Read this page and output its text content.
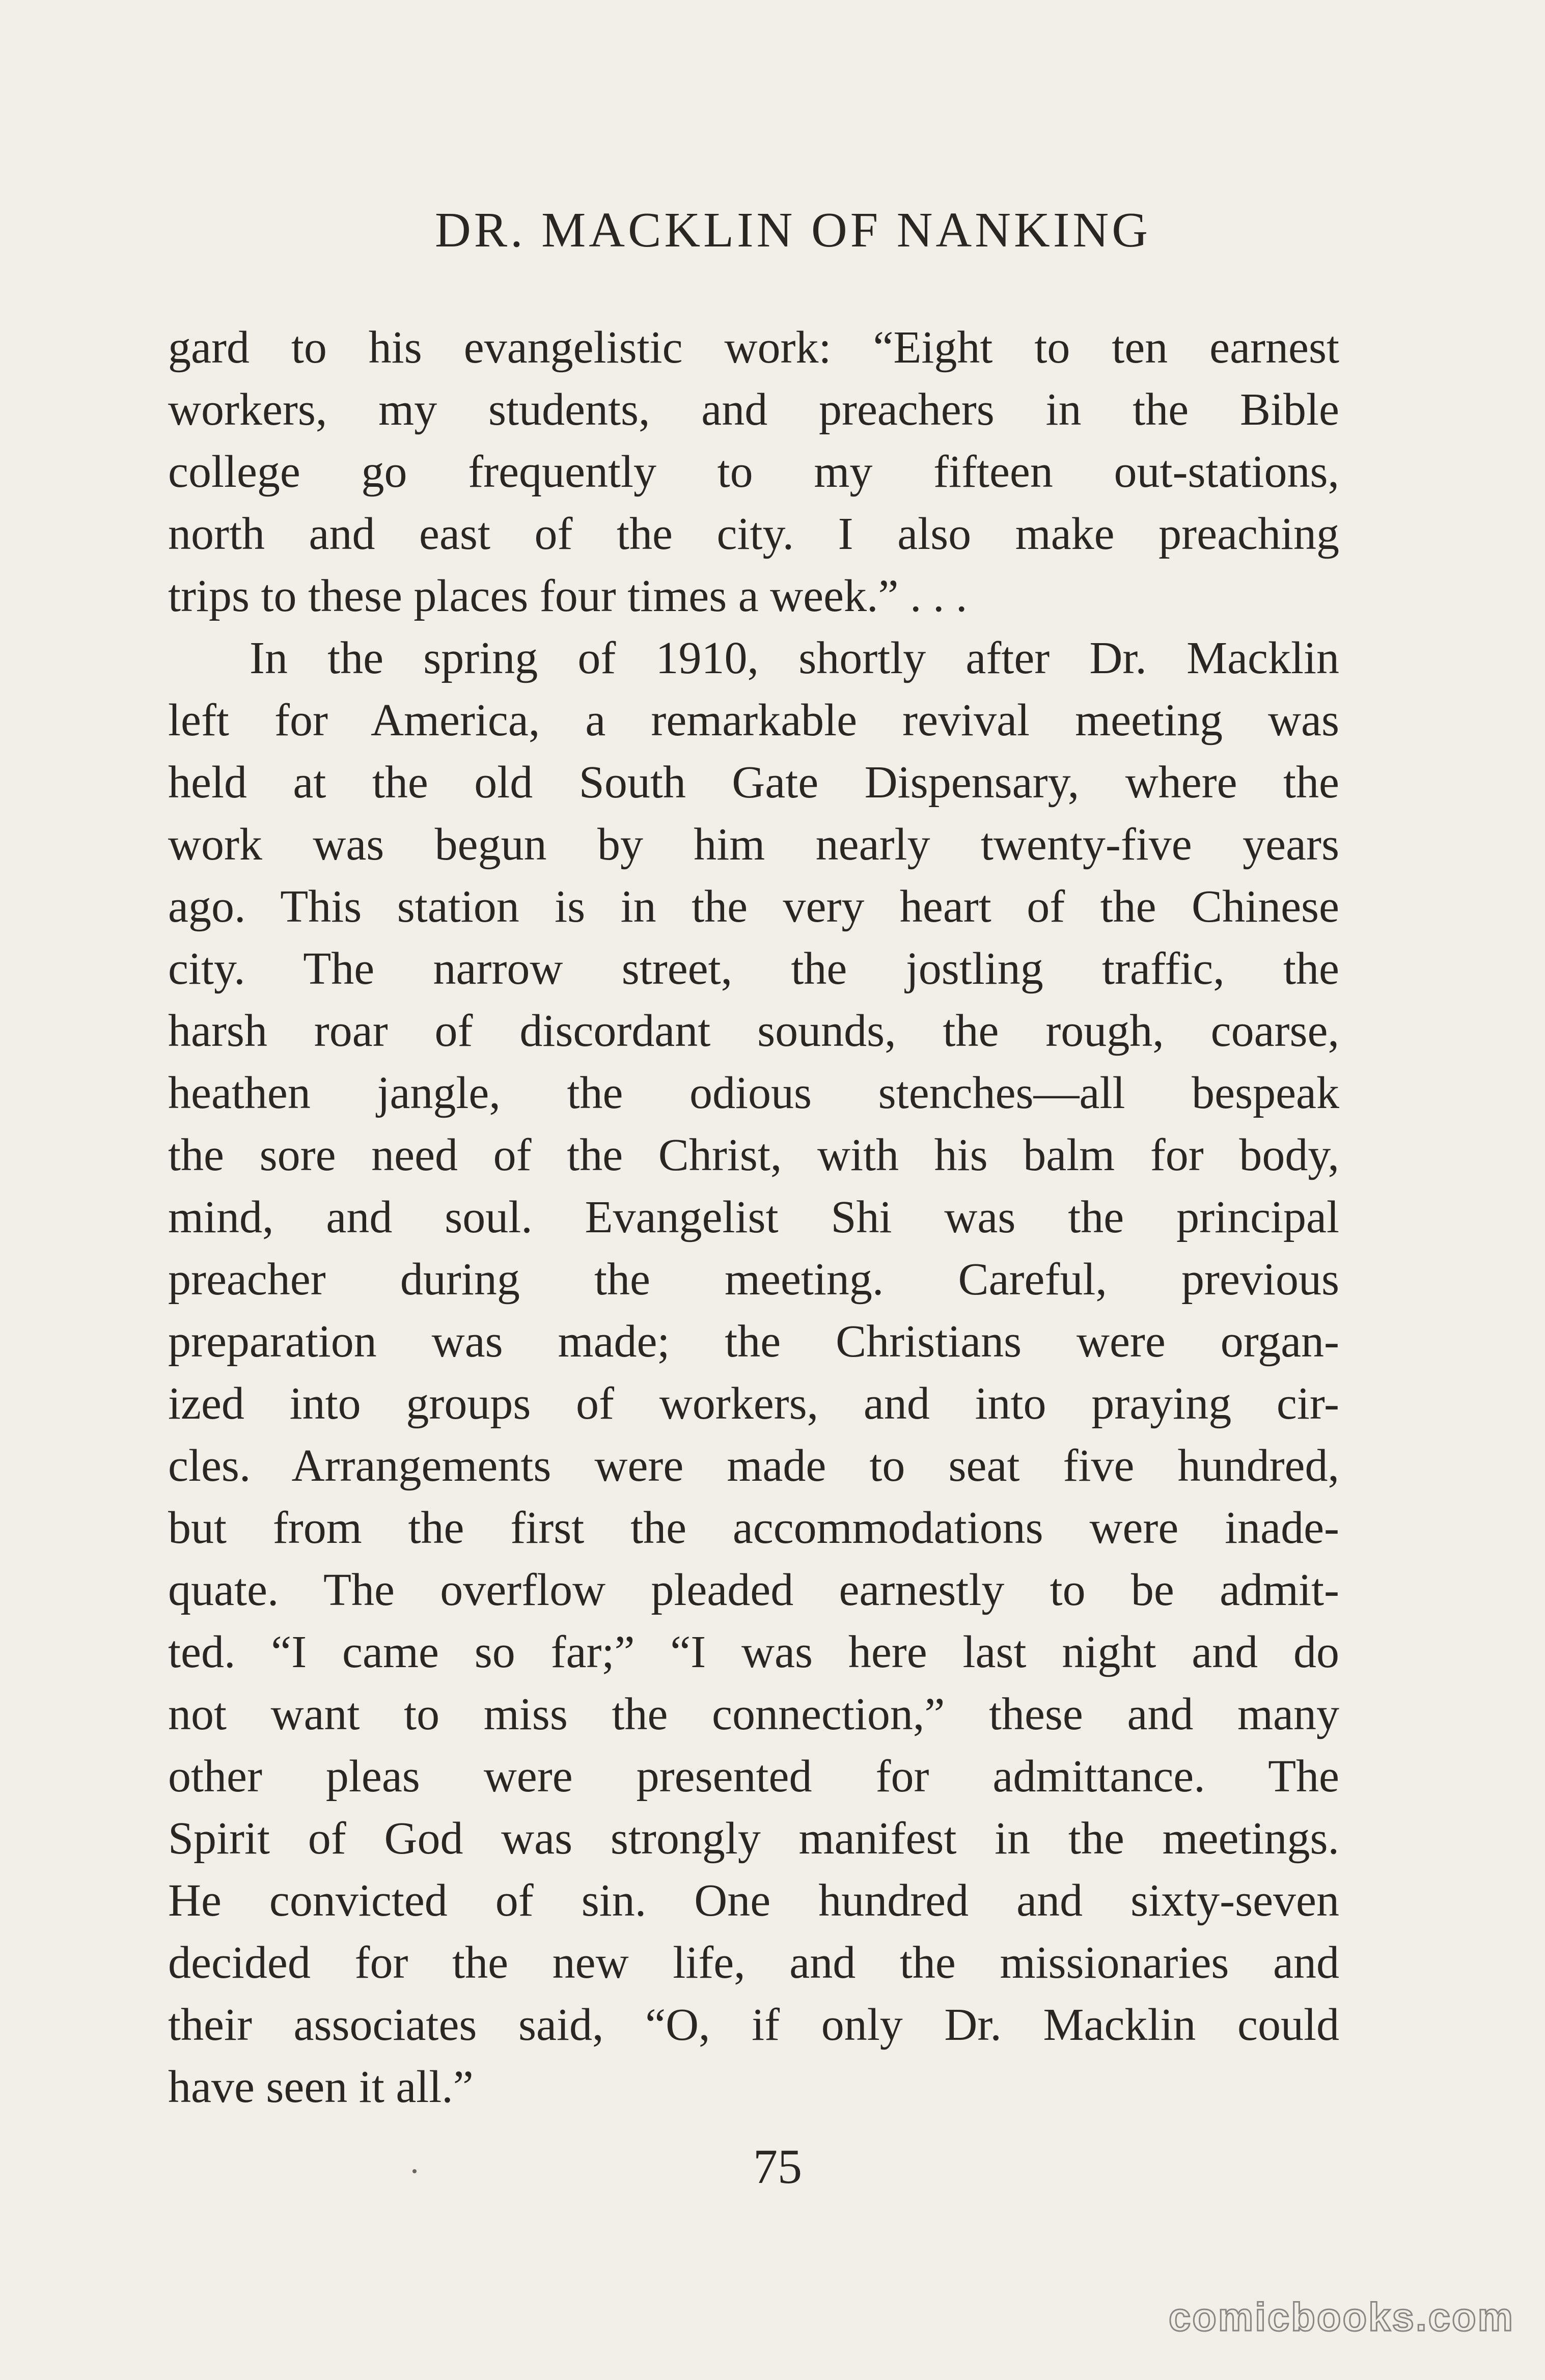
DR. MACKLIN OF NANKING
gard to his evangelistic work: “Eight to ten earnest
workers, my students, and preachers in the Bible
college go frequently to my fifteen out-stations,
north and east of the city. I also make preaching
trips to these places four times a week.” . . .
In the spring of 1910, shortly after Dr. Macklin
left for America, a remarkable revival meeting was
held at the old South Gate Dispensary, where the
work was begun by him nearly twenty-five years
ago. This station is in the very heart of the Chinese
city. The narrow street, the jostling traffic, the
harsh roar of discordant sounds, the rough, coarse,
heathen jangle, the odious stenches—all bespeak
the sore need of the Christ, with his balm for body,
mind, and soul. Evangelist Shi was the principal
preacher during the meeting. Careful, previous
preparation was made; the Christians were organ-
ized into groups of workers, and into praying cir-
cles. Arrangements were made to seat five hundred,
but from the first the accommodations were inade-
quate. The overflow pleaded earnestly to be admit-
ted. “I came so far;” “I was here last night and do
not want to miss the connection,” these and many
other pleas were presented for admittance. The
Spirit of God was strongly manifest in the meetings.
He convicted of sin. One hundred and sixty-seven
decided for the new life, and the missionaries and
their associates said, “O, if only Dr. Macklin could
have seen it all.”
75
comicbooks.com
